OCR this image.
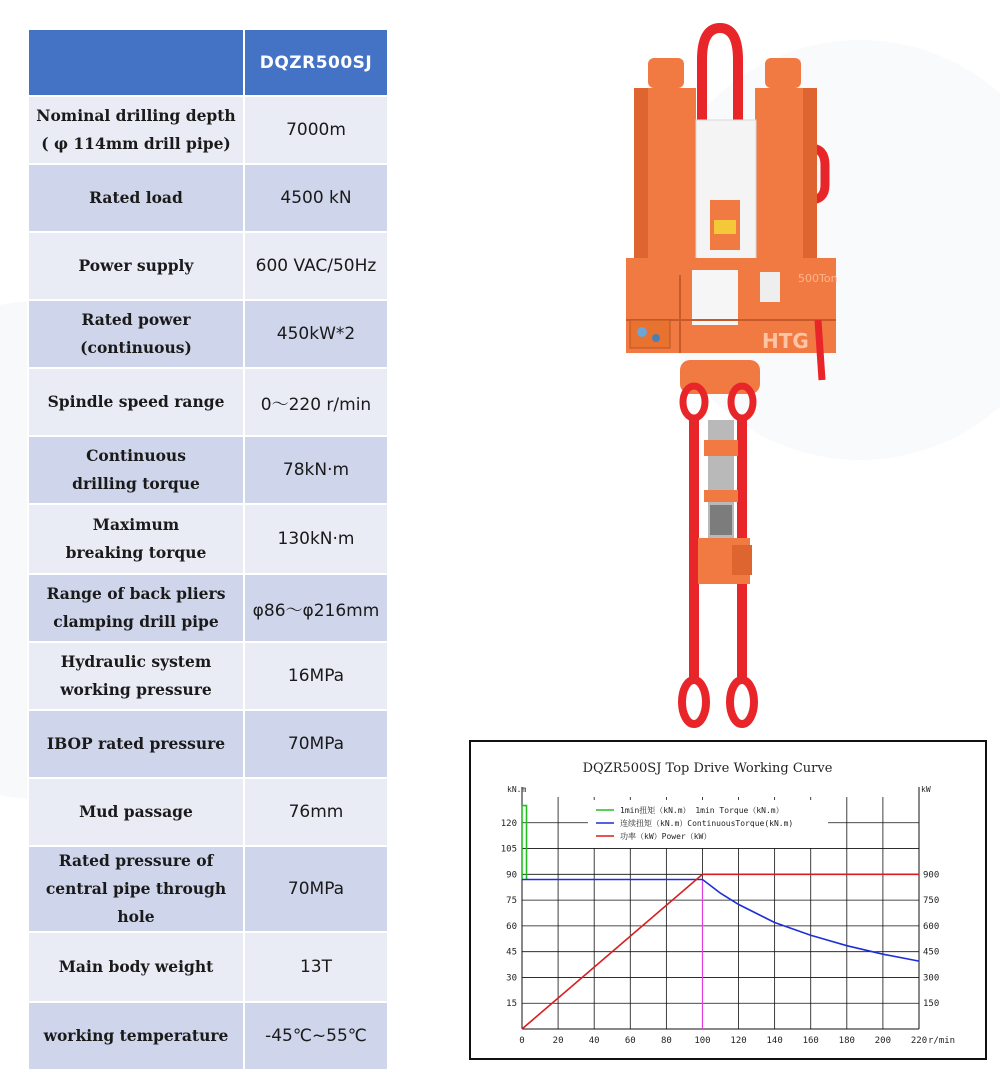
	DQZR500SJ
Nominal drilling depth
( φ 114mm drill pipe)	7000m
Rated load	4500 kN
Power supply	600 VAC/50Hz
Rated power
(continuous)	450kW*2
Spindle speed range	0～220 r/min
Continuous
drilling torque	78kN·m
Maximum
breaking torque	130kN·m
Range of back pliers
clamping drill pipe	φ86～φ216mm
Hydraulic system
working pressure	16MPa
IBOP rated pressure	70MPa
Mud passage	76mm
Rated pressure of
central pipe through hole	70MPa
Main body weight	13T
working temperature	-45℃~55℃
500Ton
HTG
DQZR500SJ Top Drive Working Curve
kN.m	kW
0	20	40	60	80	100 120 140 160 180 200 220 r/min
15
30
45
60
75
90
105
120
150
300
450
600
750
900
1min扭矩（kN.m） 1min Torque（kN.m）
连续扭矩（kN.m）ContinuousTorque(kN.m)
功率（kW）Power（kW）
